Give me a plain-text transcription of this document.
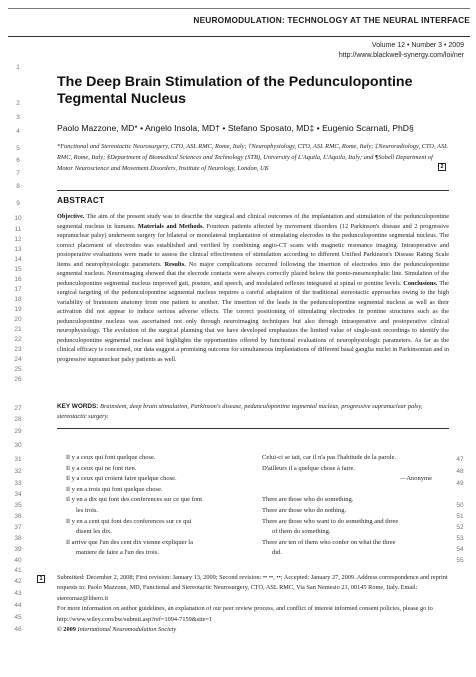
NEUROMODULATION: TECHNOLOGY AT THE NEURAL INTERFACE
Volume 12 • Number 3 • 2009
http://www.blackwell-synergy.com/loi/ner
1
2
3
4
5
6
7
8
9
10
11
12
13
14
15
16
17
18
19
20
21
22
23
24
25
26
27
28
29
30
31
32
33
34
35
36
37
38
39
40
41
42
43
44
45
46
47
48
49
50
51
52
53
54
55
The Deep Brain Stimulation of the Pedunculopontine Tegmental Nucleus
Paolo Mazzone, MD* • Angelo Insola, MD† • Stefano Sposato, MD‡ • Eugenio Scarnati, PhD§
*Functional and Stereotactic Neurosurgery, CTO, ASL RMC, Rome, Italy; †Neurophysiology, CTO, ASL RMC, Rome, Italy; ‡Neuroradiology, CTO, ASL RMC, Rome, Italy; §Department of Biomedical Sciences and Technology (STB), University of L'Aquila, L'Aquila, Italy; and ¶Sobell Department of Motor Neuroscience and Movement Disorders, Institute of Neurology, London, UK	2
ABSTRACT
Objective. The aim of the present study was to describe the surgical and clinical outcomes of the implantation and stimulation of the pedunculopontine segmental nucleus in humans. Materials and Methods. Fourteen patients affected by movement disorders (12 Parkinson's disease and 2 progressive supranuclear palsy) underwent surgery for bilateral or monolateral implantation of stimulating elecrodes in the pedunculopontine segmental nucleus. The correct placement of electrodes was established and verified by combining angio-CT scans with magnetic resonance imaging. Intraoperative and postoperative evaluations were made to assess the clinical effectiveness of stimulation according to different Unified Parkinson's Disease Rating Scale items and neurophysiologic parameters. Results. No major complications occurred following the insertion of electrodes into the pedunculopontine segmental nucleus. Neuroimaging showed that the elecrode contacts were always correctly placed below the ponto-mesencephalic line. Simulation of the pedunculopontine segmental nucleus improved gait, posture, and speech, and modulated reflexes integrated at spinal or pontine levels. Conclusions. The surgical targeting of the pedunculopontine segmental nucleus requires a careful adaptation of the traditional stereotactic approaches owing to the high variability of brainstem anatomy from one patient to another. The insertion of the leads in the pedunculopontine segmental nucleus as well as their activation did not appear to induce serious adverse effects. The correct positioning of stimulating electrodes in pontine structures such as the pedunculopontine nucleus was ascertained not only through neuroimaging techniques but also through intraoperative and postoperative clinical neurophysiology. The evolution of the surgical planning that we have developed emphasizes the limited value of single-unit recordings to identify the pedunculopontine segmental nucleus and highlights the opportunities offered by functional evaluations of neurophysiologic parameters. As far as the clinical efficacy is concerned, our data suggest a promising outcome for simultaneous implantations of different basal ganglia nuclei in Parkinsonian and in progressive supranuclear palsy patients as well.
KEY WORDS: Brainstem, deep brain stimulation, Parkinson's disease, pedunculopontine tegmental nucleus, progressive supranuclear palsy, stereotactic surgery.
Il y a ceux qui font quelque chose.
Il y a ceux qui ne font rien.
Il y a ceux qui croient faire quelque chose.
Il y en a trois qui font quelque chose.
Il y en a dix qui font des conferences sur ce que font
les trois.
Il y en a cent qui font des conferences sur ce qui
disent les dix.
Il arrive que l'un des cent dix vienne expliquer la
maniere de faire a l'un des trois.
Celui-ci se tait, car il n'a pas l'habitude de la parole.
D'ailleurs il a quelque chose à faire.
—Anonyme
There are those who do something.
There are those who do nothing.
There are those who want to do something and three
of them do something.
There are ten of them who confer on what the three
did.
1	Submitted: December 2, 2008; First revision: January 13, 2009; Second revision: •• ••, ••; Accepted: January 27, 2009. Address correspondence and reprint requests to: Paolo Mazzone, MD, Functional and Stereotactic Neurosurgery, CTO, ASL RMC, Via San Nemesio 21, 00145 Rome, Italy. Email: stereomaz@libero.it
For more information on author guidelines, an explanation of our peer review process, and conflict of interest informed consent policies, please go to http://www.wiley.com/bw/submit.asp?ref=1094-7159&site=1
© 2009 International Neuromodulation Society
